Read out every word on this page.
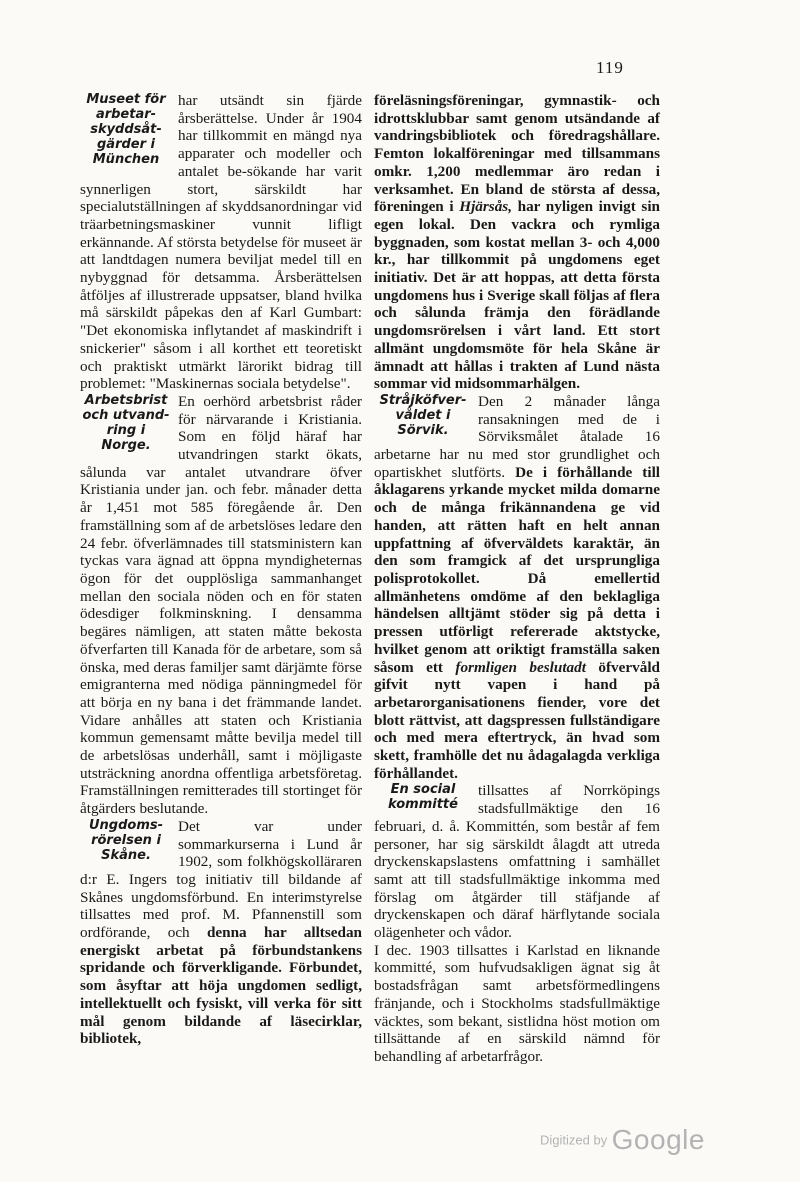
119
Museet för arbetar-skyddsåt-gärder i München

har utsändt sin fjärde årsberättelse. Under år 1904 har tillkommit en mängd nya apparater och modeller och antalet be-sökande har varit synnerligen stort, särskildt har specialutställningen af skyddsanordningar vid träarbetningsmaskiner vunnit lifligt erkännande. Af största betydelse för museet är att landtdagen numera beviljat medel till en nybyggnad för detsamma. Årsberättelsen åtföljes af illustrerade uppsatser, bland hvilka må särskildt påpekas den af Karl Gumbart: "Det ekonomiska inflytandet af maskindrift i snickerier" såsom i all korthet ett teoretiskt och praktiskt utmärkt lärorikt bidrag till problemet: "Maskinernas sociala betydelse".

Arbetsbrist och utvand-ring i Norge.

En oerhörd arbetsbrist råder för närvarande i Kristiania. Som en följd häraf har utvandringen starkt ökats, sålunda var antalet utvandrare öfver Kristiania under jan. och febr. månader detta år 1,451 mot 585 föregående år. Den framställning som af de arbetslöses ledare den 24 febr. öfverlämnades till statsministern kan tyckas vara ägnad att öppna myndigheternas ögon för det oupplösliga sammanhanget mellan den sociala nöden och en för staten ödesdiger folkminskning. I densamma begäres nämligen, att staten måtte bekosta öfverfarten till Kanada för de arbetare, som så önska, med deras familjer samt därjämte förse emigranterna med nödiga pänningmedel för att börja en ny bana i det främmande landet. Vidare anhålles att staten och Kristiania kommun gemensamt måtte bevilja medel till de arbetslösas underhåll, samt i möjligaste utsträckning anordna offentliga arbetsföretag. Framställningen remitterades till stortinget för åtgärders beslutande.

Ungdoms-rörelsen i Skåne.

Det var under sommarkurserna i Lund år 1902, som folkhögskolläraren d:r E. Ingers tog initiativ till bildande af Skånes ungdomsförbund. En interimstyrelse tillsattes med prof. M. Pfannenstill som ordförande, och denna har alltsedan energiskt arbetat på förbundstankens spridande och förverkligande. Förbundet, som åsyftar att höja ungdomen sedligt, intellektuellt och fysiskt, vill verka för sitt mål genom bildande af läsecirklar, bibliotek,

föreläsningsföreningar, gymnastik- och idrottsklubbar samt genom utsändande af vandringsbibliotek och föredragshållare. Femton lokalföreningar med tillsammans omkr. 1,200 medlemmar äro redan i verksamhet. En bland de största af dessa, föreningen i Hjärsås, har nyligen invigt sin egen lokal. Den vackra och rymliga byggnaden, som kostat mellan 3- och 4,000 kr., har tillkommit på ungdomens eget initiativ. Det är att hoppas, att detta första ungdomens hus i Sverige skall följas af flera och sålunda främja den förädlande ungdomsrörelsen i vårt land. Ett stort allmänt ungdomsmöte för hela Skåne är ämnadt att hållas i trakten af Lund nästa sommar vid midsommarhälgen.

Stråjköfver-våldet i Sörvik.

Den 2 månader långa ransakningen med de i Sörviksmålet åtalade 16 arbetarne har nu med stor grundlighet och opartiskhet slutförts. De i förhållande till åklagarens yrkande mycket milda domarne och de många frikännandena ge vid handen, att rätten haft en helt annan uppfattning af öfverväldets karaktär, än den som framgick af det ursprungliga polisprotokollet. Då emellertid allmänhetens omdöme af den beklagliga händelsen alltjämt stöder sig på detta i pressen utförligt refererade aktstycke, hvilket genom att oriktigt framställa saken såsom ett formligen beslutadt öfvervåld gifvit nytt vapen i hand på arbetarorganisationens fiender, vore det blott rättvist, att dagspressen fullständigare och med mera eftertryck, än hvad som skett, framhölle det nu ådagalagda verkliga förhållandet.

En social kommitté

tillsattes af Norrköpings stadsfullmäktige den 16 februari, d. å. Kommittén, som består af fem personer, har sig särskildt ålagdt att utreda dryckenskapslastens omfattning i samhället samt att till stadsfullmäktige inkomma med förslag om åtgärder till stäfjande af dryckenskapen och däraf härflytande sociala olägenheter och vådor.

I dec. 1903 tillsattes i Karlstad en liknande kommitté, som hufvudsakligen ägnat sig åt bostadsfrågan samt arbetsförmedlingens fränjande, och i Stockholms stadsfullmäktige väcktes, som bekant, sistlidna höst motion om tillsättande af en särskild nämnd för behandling af arbetarfrågor.

Digitized by Google
